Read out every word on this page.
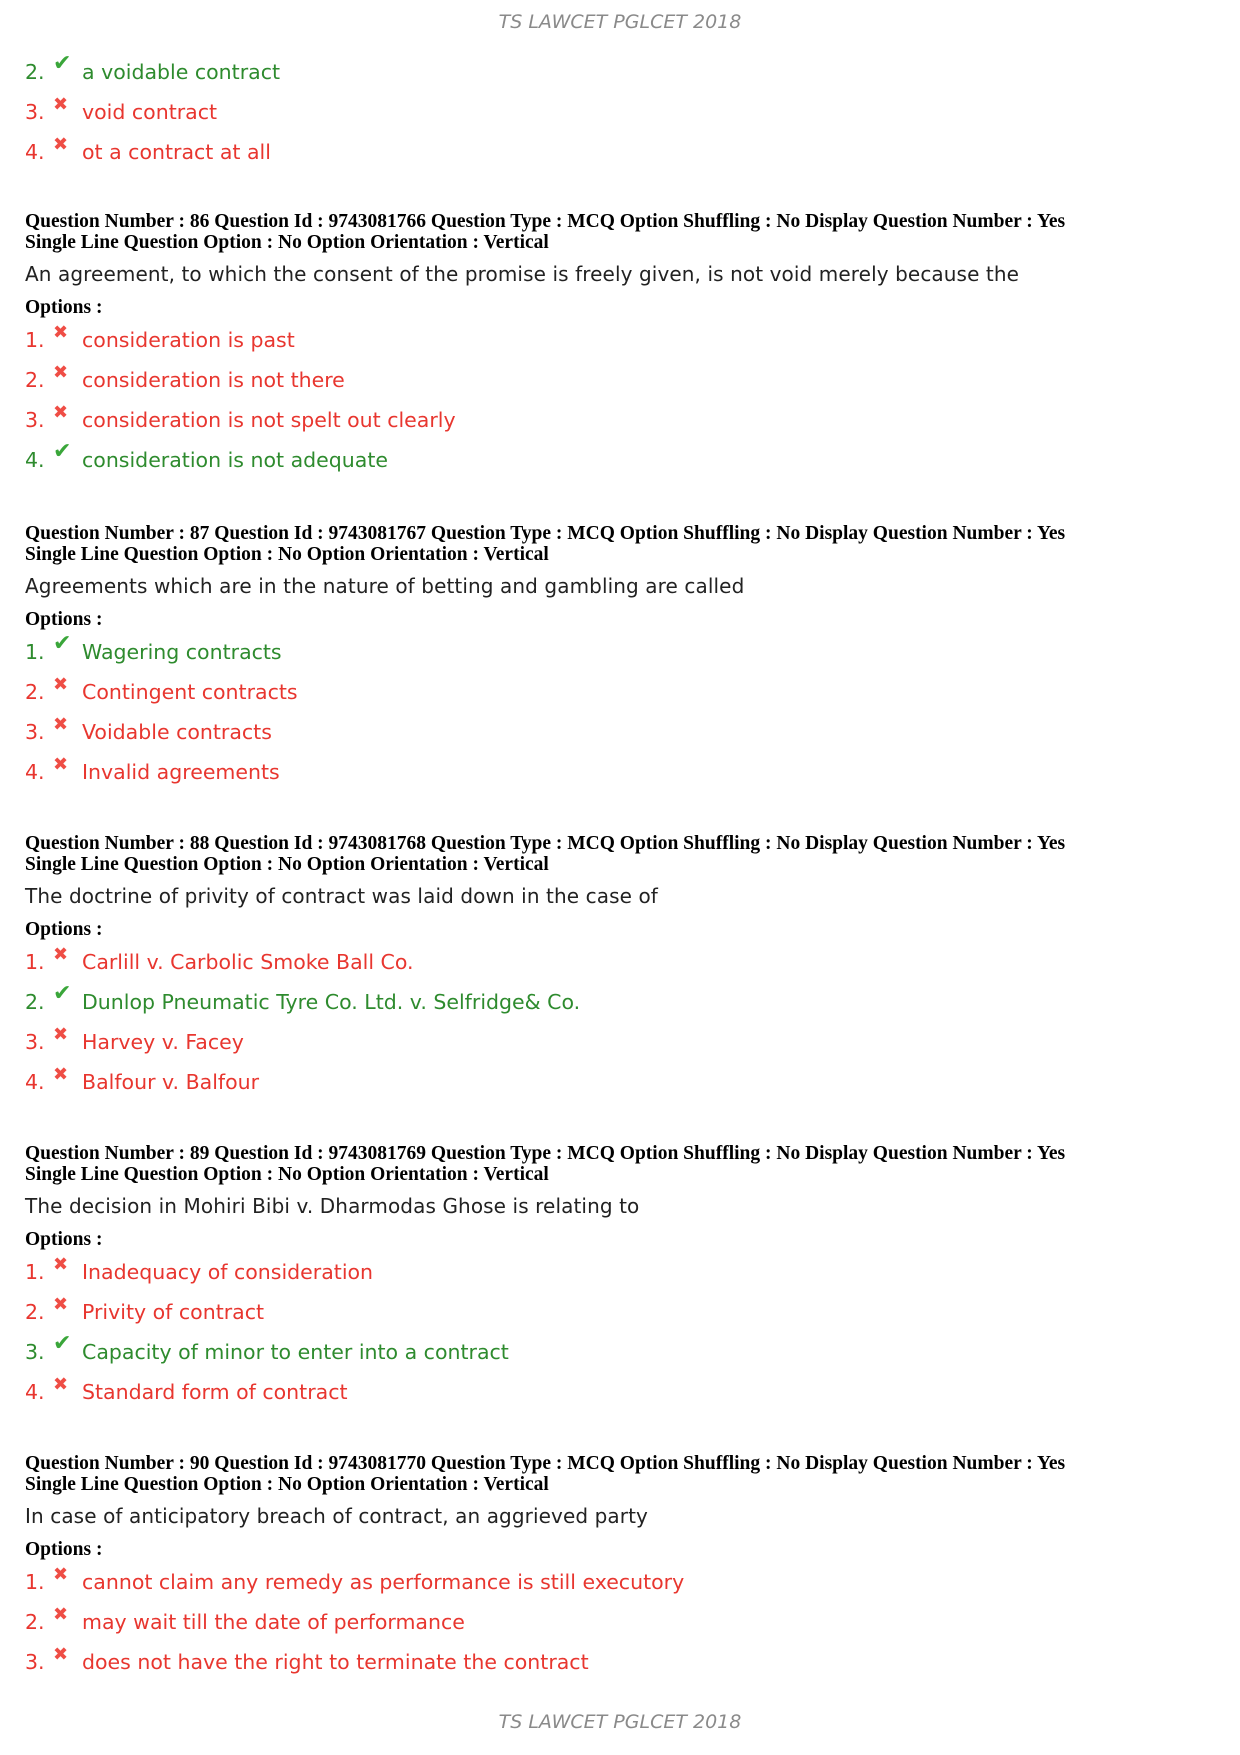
TS LAWCET PGLCET 2018
2. ✔ a voidable contract
3. ✖ void contract
4. ✖ ot a contract at all
Question Number : 86 Question Id : 9743081766 Question Type : MCQ Option Shuffling : No Display Question Number : Yes
Single Line Question Option : No Option Orientation : Vertical
An agreement, to which the consent of the promise is freely given, is not void merely because the
Options :
1. ✖ consideration is past
2. ✖ consideration is not there
3. ✖ consideration is not spelt out clearly
4. ✔ consideration is not adequate
Question Number : 87 Question Id : 9743081767 Question Type : MCQ Option Shuffling : No Display Question Number : Yes
Single Line Question Option : No Option Orientation : Vertical
Agreements which are in the nature of betting and gambling are called
Options :
1. ✔ Wagering contracts
2. ✖ Contingent contracts
3. ✖ Voidable contracts
4. ✖ Invalid agreements
Question Number : 88 Question Id : 9743081768 Question Type : MCQ Option Shuffling : No Display Question Number : Yes
Single Line Question Option : No Option Orientation : Vertical
The doctrine of privity of contract was laid down in the case of
Options :
1. ✖ Carlill v. Carbolic Smoke Ball Co.
2. ✔ Dunlop Pneumatic Tyre Co. Ltd. v. Selfridge& Co.
3. ✖ Harvey v. Facey
4. ✖ Balfour v. Balfour
Question Number : 89 Question Id : 9743081769 Question Type : MCQ Option Shuffling : No Display Question Number : Yes
Single Line Question Option : No Option Orientation : Vertical
The decision in Mohiri Bibi v. Dharmodas Ghose is relating to
Options :
1. ✖ Inadequacy of consideration
2. ✖ Privity of contract
3. ✔ Capacity of minor to enter into a contract
4. ✖ Standard form of contract
Question Number : 90 Question Id : 9743081770 Question Type : MCQ Option Shuffling : No Display Question Number : Yes
Single Line Question Option : No Option Orientation : Vertical
In case of anticipatory breach of contract, an aggrieved party
Options :
1. ✖ cannot claim any remedy as performance is still executory
2. ✖ may wait till the date of performance
3. ✖ does not have the right to terminate the contract
TS LAWCET PGLCET 2018
